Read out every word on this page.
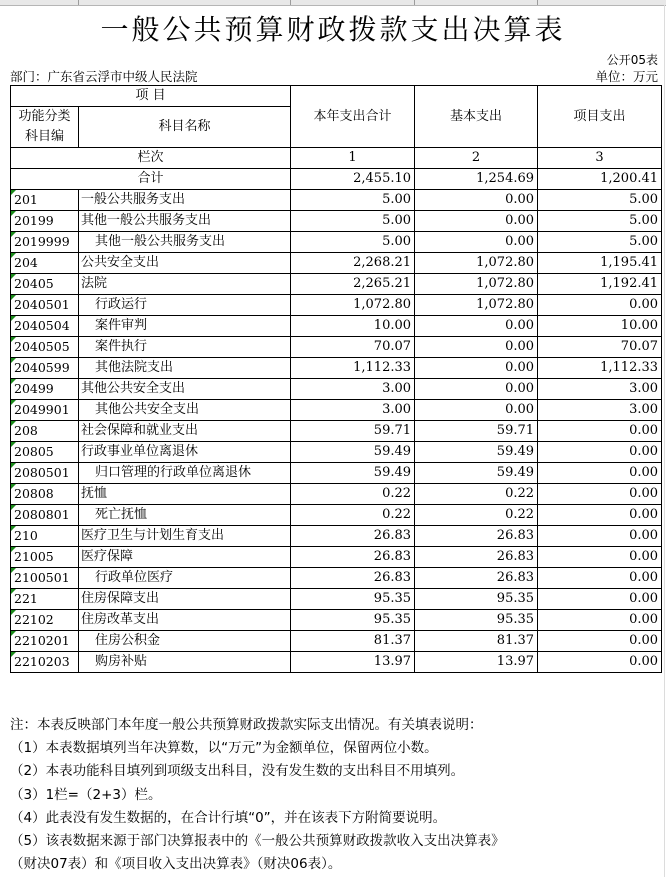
一般公共预算财政拨款支出决算表
公开05表
部门：广东省云浮市中级人民法院	单位：万元
项 目		本年支出合计	基本支出	项目支出
功能分类科目编	科目名称			

栏次		1	2	3
合计		2,455.10	1,254.69	1,200.41
201	一般公共服务支出	5.00	0.00	5.00
20199	其他一般公共服务支出	5.00	0.00	5.00
2019999	其他一般公共服务支出	5.00	0.00	5.00
204	公共安全支出	2,268.21	1,072.80	1,195.41
20405	法院	2,265.21	1,072.80	1,192.41
2040501	行政运行	1,072.80	1,072.80	0.00
2040504	案件审判	10.00	0.00	10.00
2040505	案件执行	70.07	0.00	70.07
2040599	其他法院支出	1,112.33	0.00	1,112.33
20499	其他公共安全支出	3.00	0.00	3.00
2049901	其他公共安全支出	3.00	0.00	3.00
208	社会保障和就业支出	59.71	59.71	0.00
20805	行政事业单位离退休	59.49	59.49	0.00
2080501	归口管理的行政单位离退休	59.49	59.49	0.00
20808	抚恤	0.22	0.22	0.00
2080801	死亡抚恤	0.22	0.22	0.00
210	医疗卫生与计划生育支出	26.83	26.83	0.00
21005	医疗保障	26.83	26.83	0.00
2100501	行政单位医疗	26.83	26.83	0.00
221	住房保障支出	95.35	95.35	0.00
22102	住房改革支出	95.35	95.35	0.00
2210201	住房公积金	81.37	81.37	0.00
2210203	购房补贴	13.97	13.97	0.00
注：本表反映部门本年度一般公共预算财政拨款实际支出情况。有关填表说明：
（1）本表数据填列当年决算数，以“万元”为金额单位，保留两位小数。
（2）本表功能科目填列到项级支出科目，没有发生数的支出科目不用填列。
（3）1栏=（2+3）栏。
（4）此表没有发生数据的，在合计行填“0”，并在该表下方附简要说明。
（5）该表数据来源于部门决算报表中的《一般公共预算财政拨款收入支出决算表》
（财决07表）和《项目收入支出决算表》（财决06表）。
